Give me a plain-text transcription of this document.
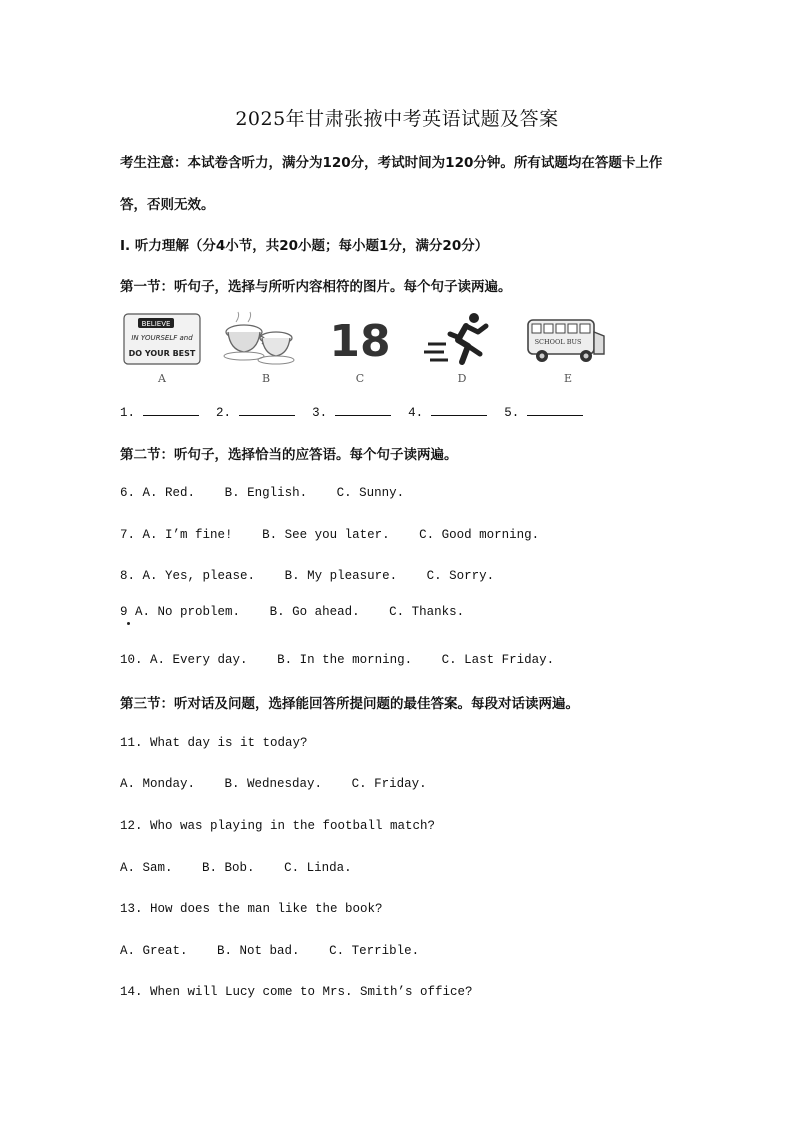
2025年甘肃张掖中考英语试题及答案
考生注意：本试卷含听力，满分为120分，考试时间为120分钟。所有试题均在答题卡上作
答，否则无效。
Ⅰ. 听力理解（分4小节，共20小题；每小题1分，满分20分）
第一节：听句子，选择与所听内容相符的图片。每个句子读两遍。
BELIEVE
IN YOURSELF and
DO YOUR BEST	18	SCHOOL BUS
A	B	C	D	E
1.	2.	3.	4.	5.
第二节：听句子，选择恰当的应答语。每个句子读两遍。
6. A. Red. B. English. C. Sunny.
7. A. I’m fine! B. See you later. C. Good morning.
8. A. Yes, please. B. My pleasure. C. Sorry.
9 A. No problem. B. Go ahead. C. Thanks.
10. A. Every day. B. In the morning. C. Last Friday.
第三节：听对话及问题，选择能回答所提问题的最佳答案。每段对话读两遍。
11. What day is it today?
A. Monday. B. Wednesday. C. Friday.
12. Who was playing in the football match?
A. Sam. B. Bob. C. Linda.
13. How does the man like the book?
A. Great. B. Not bad. C. Terrible.
14. When will Lucy come to Mrs. Smith’s office?
